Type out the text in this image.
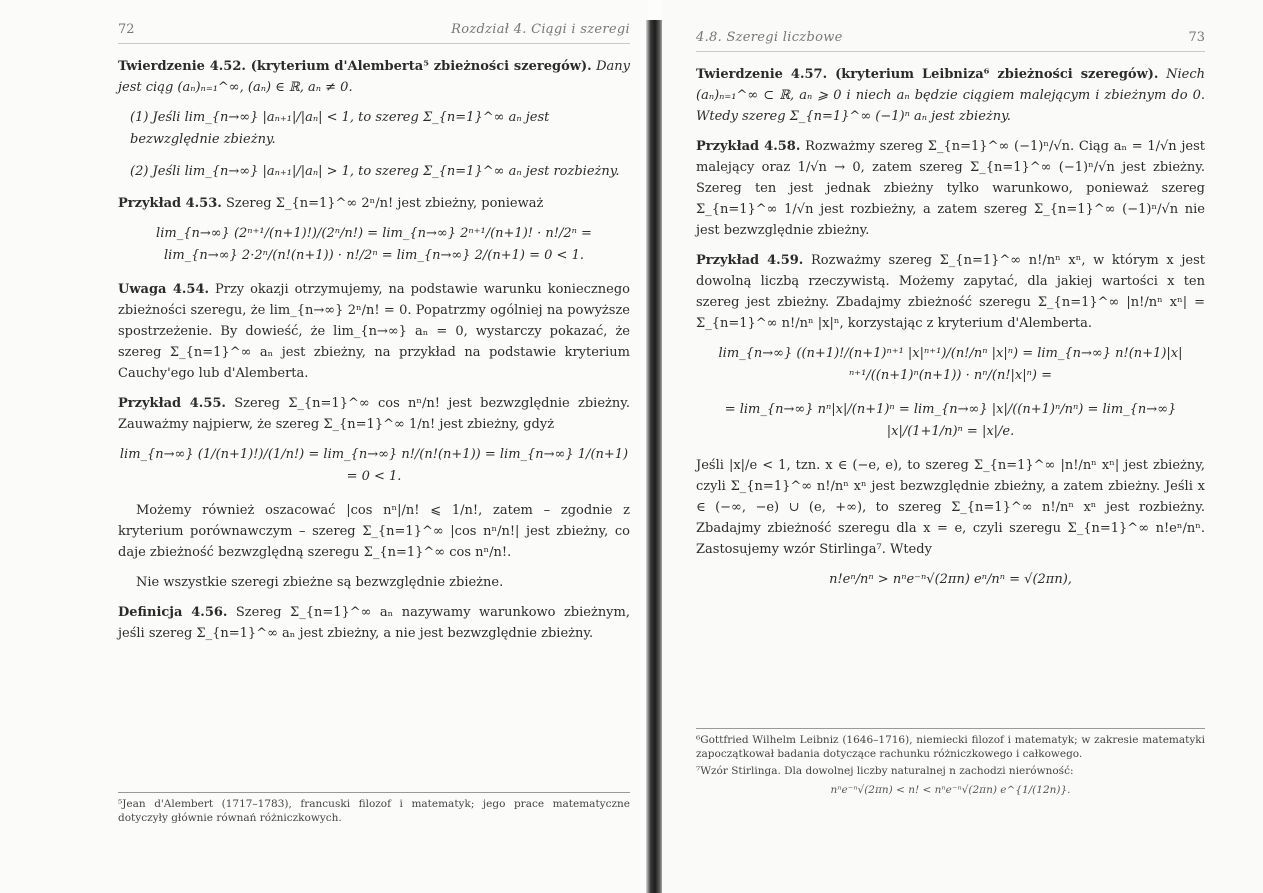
72	Rozdział 4. Ciągi i szeregi

Twierdzenie 4.52. (kryterium d'Alemberta⁵ zbieżności szeregów). Dany jest ciąg (aₙ)ₙ₌₁^∞, (aₙ) ∈ ℝ, aₙ ≠ 0.

(1) Jeśli lim_{n→∞} |aₙ₊₁|/|aₙ| < 1, to szereg Σ_{n=1}^∞ aₙ jest bezwzględnie zbieżny.
(2) Jeśli lim_{n→∞} |aₙ₊₁|/|aₙ| > 1, to szereg Σ_{n=1}^∞ aₙ jest rozbieżny.

Przykład 4.53. Szereg Σ_{n=1}^∞ 2ⁿ/n! jest zbieżny, ponieważ

lim_{n→∞} (2ⁿ⁺¹/(n+1)!)/(2ⁿ/n!) = lim_{n→∞} 2ⁿ⁺¹/(n+1)! · n!/2ⁿ = lim_{n→∞} 2·2ⁿ/(n!(n+1)) · n!/2ⁿ = lim_{n→∞} 2/(n+1) = 0 < 1.

Uwaga 4.54. Przy okazji otrzymujemy, na podstawie warunku koniecznego zbieżności szeregu, że lim_{n→∞} 2ⁿ/n! = 0. Popatrzmy ogólniej na powyższe spostrzeżenie. By dowieść, że lim_{n→∞} aₙ = 0, wystarczy pokazać, że szereg Σ_{n=1}^∞ aₙ jest zbieżny, na przykład na podstawie kryterium Cauchy'ego lub d'Alemberta.

Przykład 4.55. Szereg Σ_{n=1}^∞ cos nⁿ/n! jest bezwzględnie zbieżny. Zauważmy najpierw, że szereg Σ_{n=1}^∞ 1/n! jest zbieżny, gdyż

lim_{n→∞} (1/(n+1)!)/(1/n!) = lim_{n→∞} n!/(n!(n+1)) = lim_{n→∞} 1/(n+1) = 0 < 1.

Możemy również oszacować |cos nⁿ|/n! ⩽ 1/n!, zatem – zgodnie z kryterium porównawczym – szereg Σ_{n=1}^∞ |cos nⁿ/n!| jest zbieżny, co daje zbieżność bezwzględną szeregu Σ_{n=1}^∞ cos nⁿ/n!.

Nie wszystkie szeregi zbieżne są bezwzględnie zbieżne.

Definicja 4.56. Szereg Σ_{n=1}^∞ aₙ nazywamy warunkowo zbieżnym, jeśli szereg Σ_{n=1}^∞ aₙ jest zbieżny, a nie jest bezwzględnie zbieżny.

⁵Jean d'Alembert (1717–1783), francuski filozof i matematyk; jego prace matematyczne dotyczyły głównie równań różniczkowych.
4.8. Szeregi liczbowe	73

Twierdzenie 4.57. (kryterium Leibniza⁶ zbieżności szeregów). Niech (aₙ)ₙ₌₁^∞ ⊂ ℝ, aₙ ⩾ 0 i niech aₙ będzie ciągiem malejącym i zbieżnym do 0. Wtedy szereg Σ_{n=1}^∞ (−1)ⁿ aₙ jest zbieżny.

Przykład 4.58. Rozważmy szereg Σ_{n=1}^∞ (−1)ⁿ/√n. Ciąg aₙ = 1/√n jest malejący oraz 1/√n → 0, zatem szereg Σ_{n=1}^∞ (−1)ⁿ/√n jest zbieżny. Szereg ten jest jednak zbieżny tylko warunkowo, ponieważ szereg Σ_{n=1}^∞ 1/√n jest rozbieżny, a zatem szereg Σ_{n=1}^∞ (−1)ⁿ/√n nie jest bezwzględnie zbieżny.

Przykład 4.59. Rozważmy szereg Σ_{n=1}^∞ n!/nⁿ xⁿ, w którym x jest dowolną liczbą rzeczywistą. Możemy zapytać, dla jakiej wartości x ten szereg jest zbieżny. Zbadajmy zbieżność szeregu Σ_{n=1}^∞ |n!/nⁿ xⁿ| = Σ_{n=1}^∞ n!/nⁿ |x|ⁿ, korzystając z kryterium d'Alemberta.

lim_{n→∞} ((n+1)!/(n+1)ⁿ⁺¹ |x|ⁿ⁺¹)/(n!/nⁿ |x|ⁿ) = lim_{n→∞} n!(n+1)|x|ⁿ⁺¹/((n+1)ⁿ(n+1)) · nⁿ/(n!|x|ⁿ) =
= lim_{n→∞} nⁿ|x|/(n+1)ⁿ = lim_{n→∞} |x|/((n+1)ⁿ/nⁿ) = lim_{n→∞} |x|/(1+1/n)ⁿ = |x|/e.

Jeśli |x|/e < 1, tzn. x ∈ (−e, e), to szereg Σ_{n=1}^∞ |n!/nⁿ xⁿ| jest zbieżny, czyli Σ_{n=1}^∞ n!/nⁿ xⁿ jest bezwzględnie zbieżny, a zatem zbieżny. Jeśli x ∈ (−∞, −e) ∪ (e, +∞), to szereg Σ_{n=1}^∞ n!/nⁿ xⁿ jest rozbieżny. Zbadajmy zbieżność szeregu dla x = e, czyli szeregu Σ_{n=1}^∞ n!eⁿ/nⁿ. Zastosujemy wzór Stirlinga⁷. Wtedy

n!eⁿ/nⁿ > nⁿe⁻ⁿ√(2πn) eⁿ/nⁿ = √(2πn),
⁶Gottfried Wilhelm Leibniz (1646–1716), niemiecki filozof i matematyk; w zakresie matematyki zapoczątkował badania dotyczące rachunku różniczkowego i całkowego.
⁷Wzór Stirlinga. Dla dowolnej liczby naturalnej n zachodzi nierówność:
nⁿe⁻ⁿ√(2πn) < n! < nⁿe⁻ⁿ√(2πn) e^{1/(12n)}.
